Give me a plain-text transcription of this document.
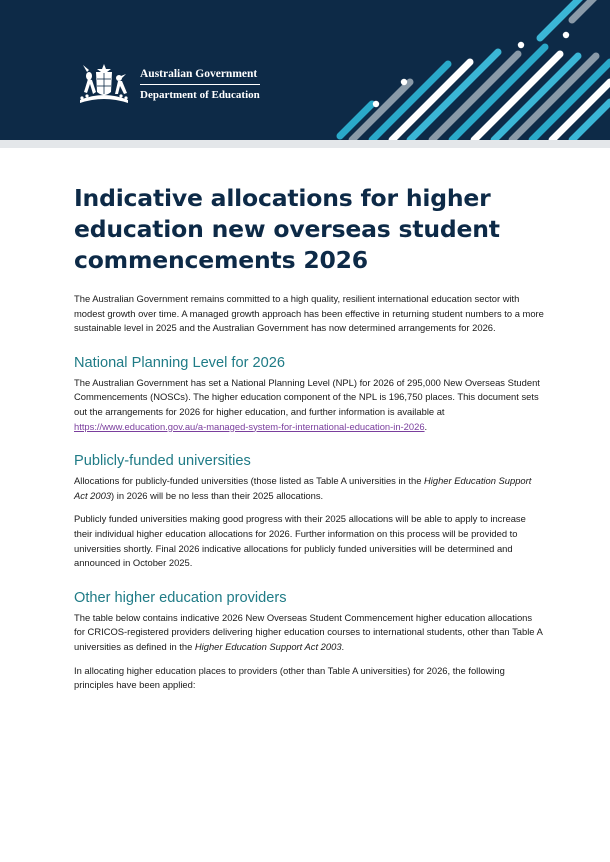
Australian Government
Department of Education
Indicative allocations for higher education new overseas student commencements 2026

The Australian Government remains committed to a high quality, resilient international education sector with modest growth over time. A managed growth approach has been effective in returning student numbers to a more sustainable level in 2025 and the Australian Government has now determined arrangements for 2026.

National Planning Level for 2026

The Australian Government has set a National Planning Level (NPL) for 2026 of 295,000 New Overseas Student Commencements (NOSCs). The higher education component of the NPL is 196,750 places. This document sets out the arrangements for 2026 for higher education, and further information is available at https://www.education.gov.au/a-managed-system-for-international-education-in-2026.

Publicly-funded universities

Allocations for publicly-funded universities (those listed as Table A universities in the Higher Education Support Act 2003) in 2026 will be no less than their 2025 allocations.

Publicly funded universities making good progress with their 2025 allocations will be able to apply to increase their individual higher education allocations for 2026. Further information on this process will be provided to universities shortly. Final 2026 indicative allocations for publicly funded universities will be determined and announced in October 2025.

Other higher education providers

The table below contains indicative 2026 New Overseas Student Commencement higher education allocations for CRICOS-registered providers delivering higher education courses to international students, other than Table A universities as defined in the Higher Education Support Act 2003.

In allocating higher education places to providers (other than Table A universities) for 2026, the following principles have been applied:
